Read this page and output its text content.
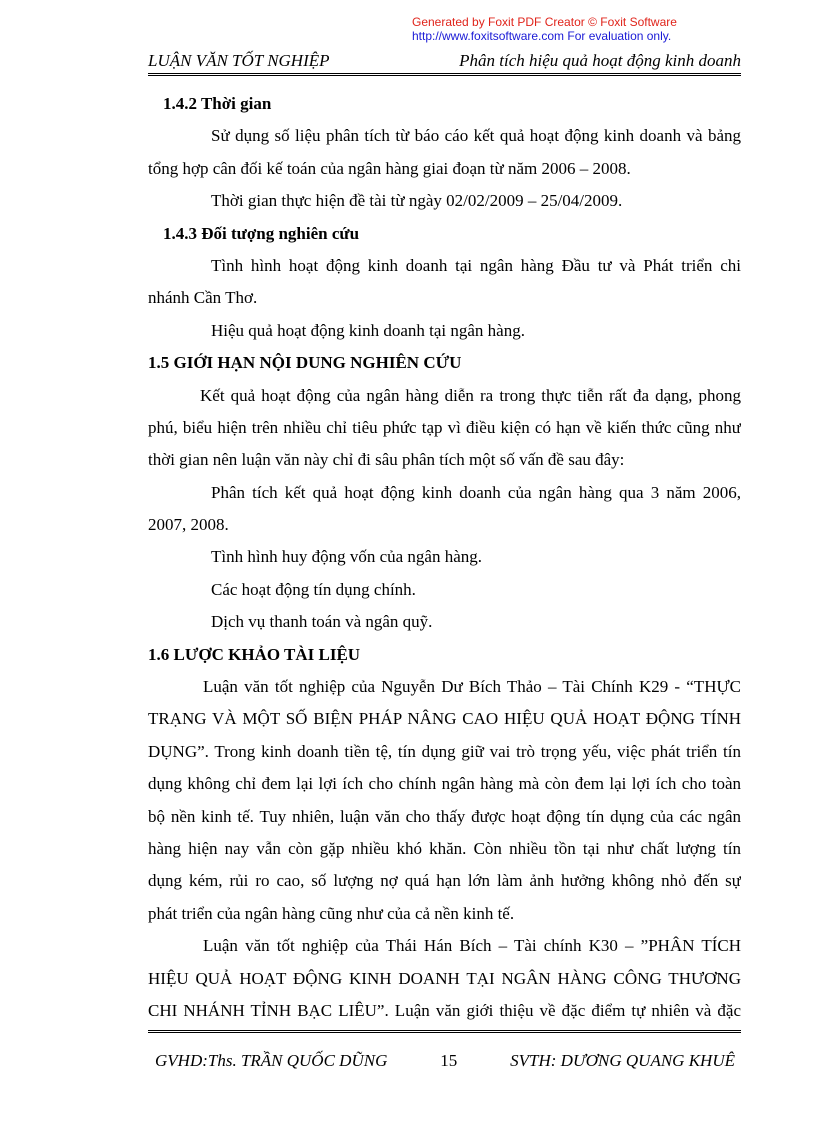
Generated by Foxit PDF Creator © Foxit Software
http://www.foxitsoftware.com For evaluation only.
LUẬN VĂN TỐT NGHIỆP	Phân tích hiệu quả hoạt động kinh doanh
1.4.2 Thời gian
Sử dụng số liệu phân tích từ báo cáo kết quả hoạt động kinh doanh và bảng
tổng hợp cân đối kế toán của ngân hàng giai đoạn từ năm 2006 – 2008.
Thời gian thực hiện đề tài từ ngày 02/02/2009 – 25/04/2009.
1.4.3 Đối tượng nghiên cứu
Tình hình hoạt động kinh doanh tại ngân hàng Đầu tư và Phát triển chi
nhánh Cần Thơ.
Hiệu quả hoạt động kinh doanh tại ngân hàng.
1.5 GIỚI HẠN NỘI DUNG NGHIÊN CỨU
Kết quả hoạt động của ngân hàng diễn ra trong thực tiễn rất đa dạng, phong
phú, biểu hiện trên nhiều chỉ tiêu phức tạp vì điều kiện có hạn về kiến thức cũng như
thời gian nên luận văn này chỉ đi sâu phân tích một số vấn đề sau đây:
Phân tích kết quả hoạt động kinh doanh của ngân hàng qua 3 năm 2006,
2007, 2008.
Tình hình huy động vốn của ngân hàng.
Các hoạt động tín dụng chính.
Dịch vụ thanh toán và ngân quỹ.
1.6 LƯỢC KHẢO TÀI LIỆU
Luận văn tốt nghiệp của Nguyễn Dư Bích Thảo – Tài Chính K29 - “THỰC
TRẠNG VÀ MỘT SỐ BIỆN PHÁP NÂNG CAO HIỆU QUẢ HOẠT ĐỘNG TÍNH
DỤNG”. Trong kinh doanh tiền tệ, tín dụng giữ vai trò trọng yếu, việc phát triển tín
dụng không chỉ đem lại lợi ích cho chính ngân hàng mà còn đem lại lợi ích cho toàn
bộ nền kinh tế. Tuy nhiên, luận văn cho thấy được hoạt động tín dụng của các ngân
hàng hiện nay vẫn còn gặp nhiều khó khăn. Còn nhiều tồn tại như chất lượng tín
dụng kém, rủi ro cao, số lượng nợ quá hạn lớn làm ảnh hưởng không nhỏ đến sự
phát triển của ngân hàng cũng như của cả nền kinh tế.
Luận văn tốt nghiệp của Thái Hán Bích – Tài chính K30 – ”PHÂN TÍCH
HIỆU QUẢ HOẠT ĐỘNG KINH DOANH TẠI NGÂN HÀNG CÔNG THƯƠNG
CHI NHÁNH TỈNH BẠC LIÊU”. Luận văn giới thiệu về đặc điểm tự nhiên và đặc
GVHD:Ths. TRẦN QUỐC DŨNG	15	SVTH: DƯƠNG QUANG KHUÊ
